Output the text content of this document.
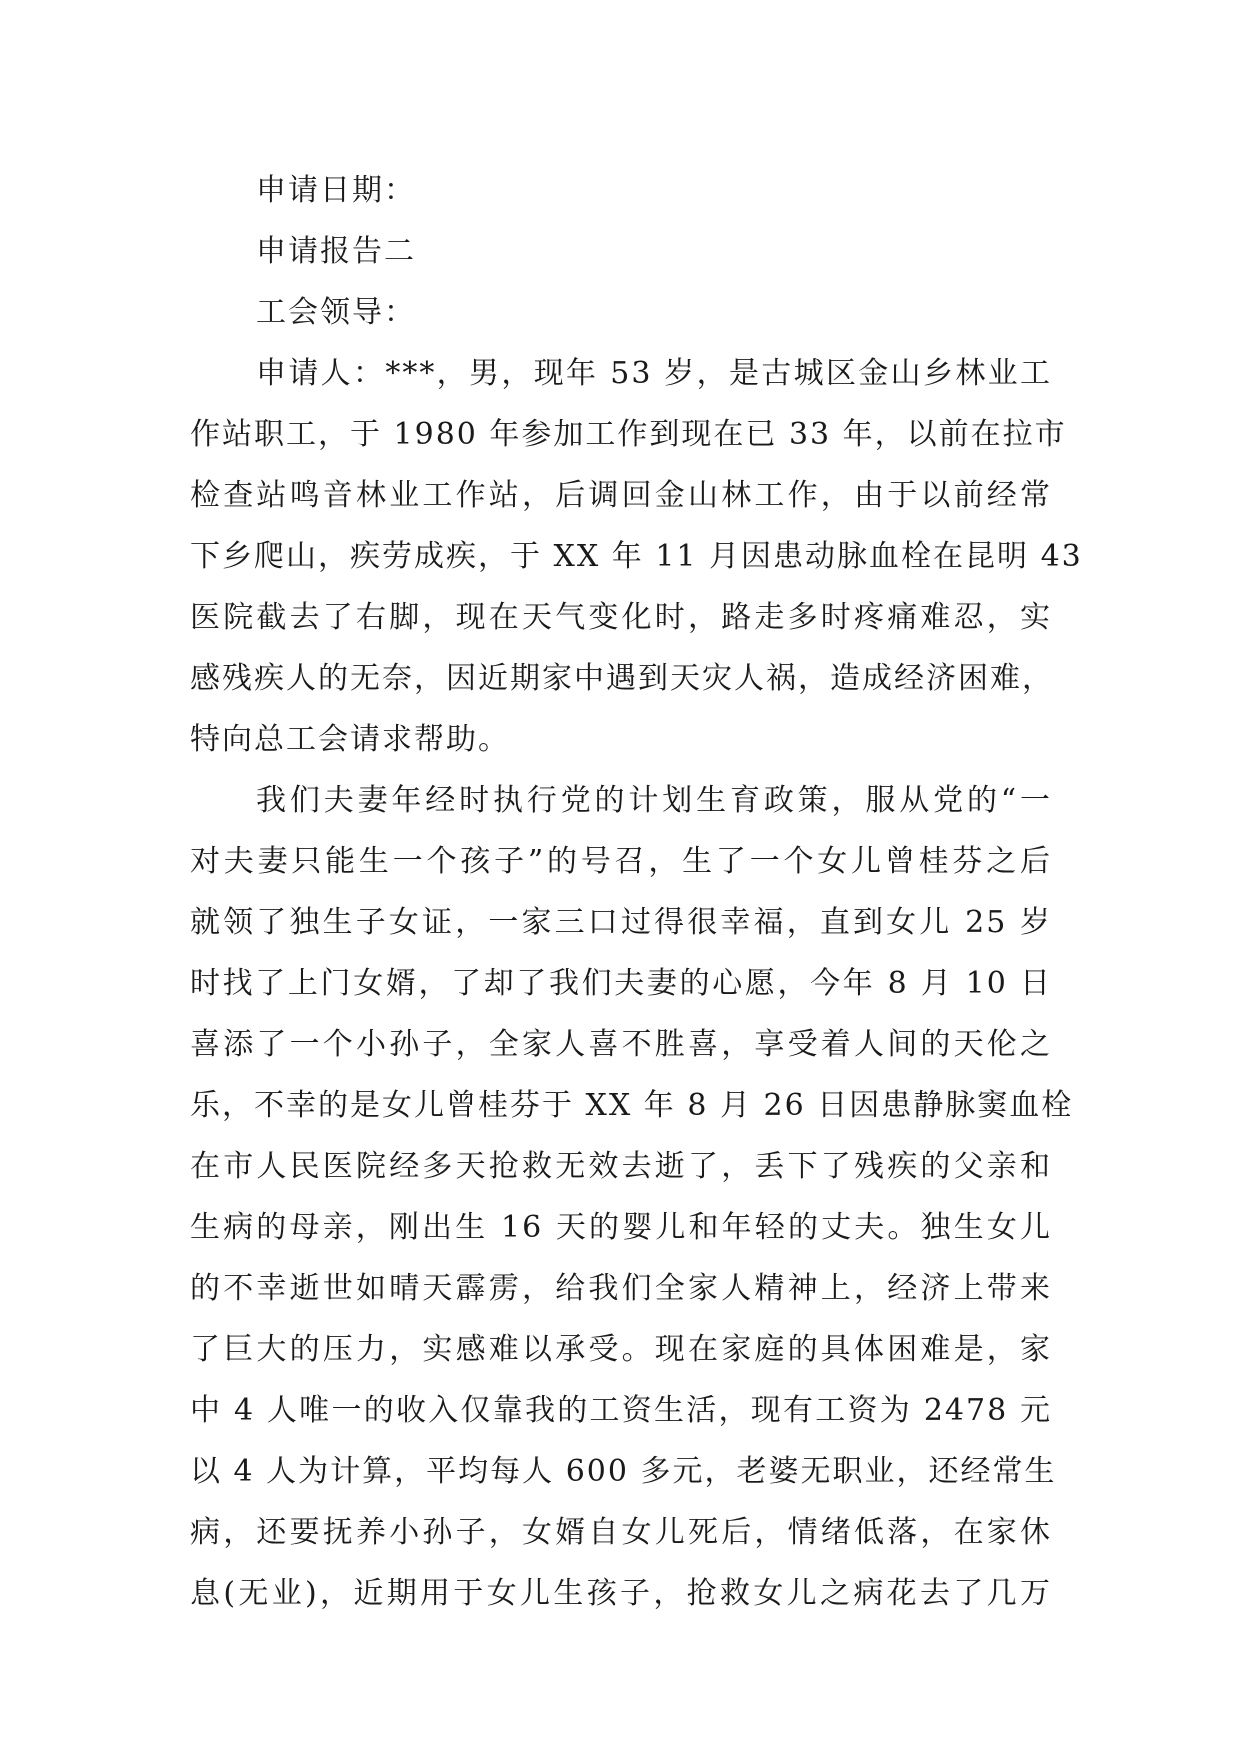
申请日期：
申请报告二
工会领导：
申请人：***，男，现年 53 岁，是古城区金山乡林业工
作站职工，于 1980 年参加工作到现在已 33 年，以前在拉市
检查站鸣音林业工作站，后调回金山林工作，由于以前经常
下乡爬山，疾劳成疾，于 XX 年 11 月因患动脉血栓在昆明 43
医院截去了右脚，现在天气变化时，路走多时疼痛难忍，实
感残疾人的无奈，因近期家中遇到天灾人祸，造成经济困难，
特向总工会请求帮助。
我们夫妻年经时执行党的计划生育政策，服从党的“一
对夫妻只能生一个孩子”的号召，生了一个女儿曾桂芬之后
就领了独生子女证，一家三口过得很幸福，直到女儿 25 岁
时找了上门女婿，了却了我们夫妻的心愿，今年 8 月 10 日
喜添了一个小孙子，全家人喜不胜喜，享受着人间的天伦之
乐，不幸的是女儿曾桂芬于 XX 年 8 月 26 日因患静脉窦血栓
在市人民医院经多天抢救无效去逝了，丢下了残疾的父亲和
生病的母亲，刚出生 16 天的婴儿和年轻的丈夫。独生女儿
的不幸逝世如晴天霹雳，给我们全家人精神上，经济上带来
了巨大的压力，实感难以承受。现在家庭的具体困难是，家
中 4 人唯一的收入仅靠我的工资生活，现有工资为 2478 元
以 4 人为计算，平均每人 600 多元，老婆无职业，还经常生
病，还要抚养小孙子，女婿自女儿死后，情绪低落，在家休
息(无业)，近期用于女儿生孩子，抢救女儿之病花去了几万
